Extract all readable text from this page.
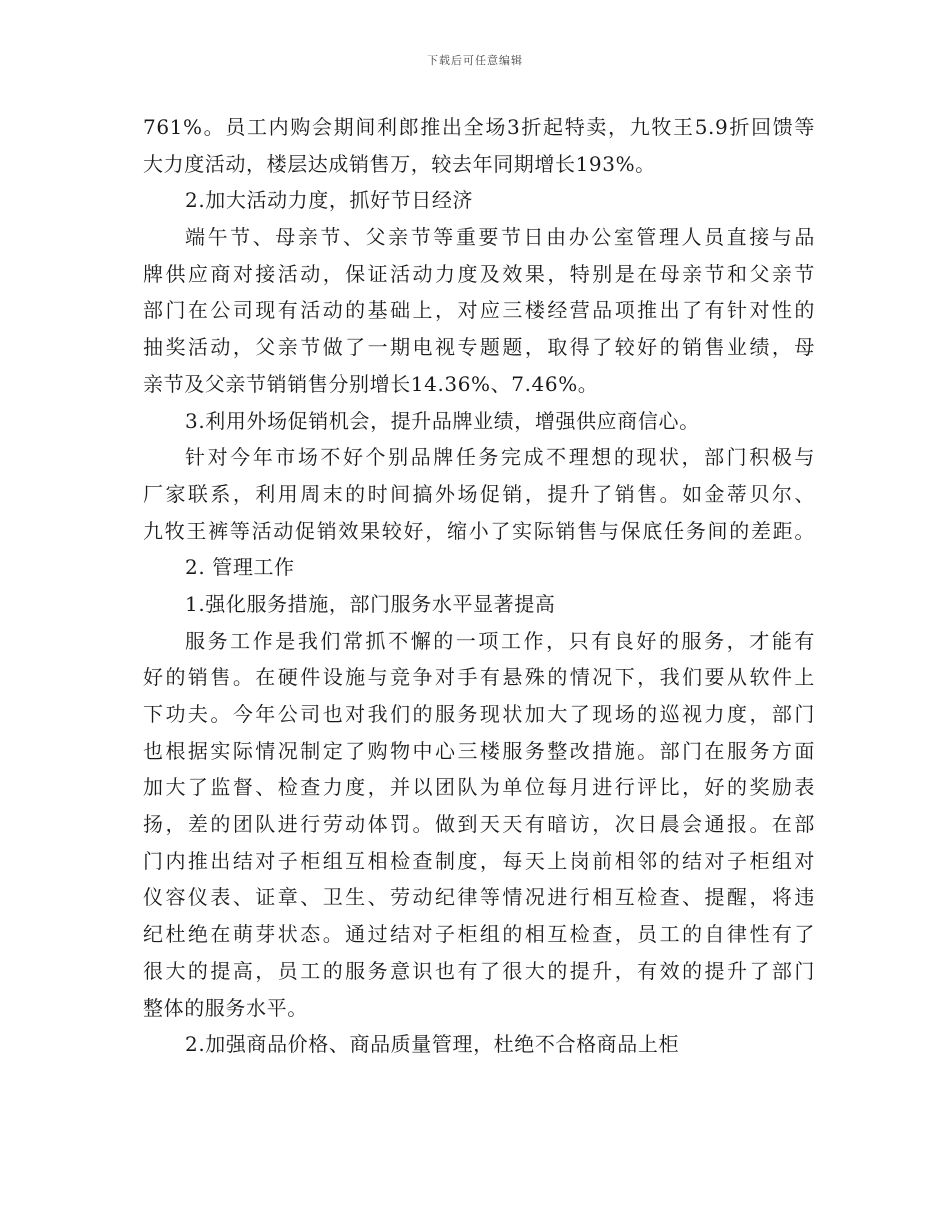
下载后可任意编辑
761%。员工内购会期间利郎推出全场3折起特卖，九牧王5.9折回馈等
大力度活动，楼层达成销售万，较去年同期增长193%。
2.加大活动力度，抓好节日经济
端午节、母亲节、父亲节等重要节日由办公室管理人员直接与品
牌供应商对接活动，保证活动力度及效果，特别是在母亲节和父亲节
部门在公司现有活动的基础上，对应三楼经营品项推出了有针对性的
抽奖活动，父亲节做了一期电视专题题，取得了较好的销售业绩，母
亲节及父亲节销销售分别增长14.36%、7.46%。
3.利用外场促销机会，提升品牌业绩，增强供应商信心。
针对今年市场不好个别品牌任务完成不理想的现状，部门积极与
厂家联系，利用周末的时间搞外场促销，提升了销售。如金蒂贝尔、
九牧王裤等活动促销效果较好，缩小了实际销售与保底任务间的差距。
2. 管理工作
1.强化服务措施，部门服务水平显著提高
服务工作是我们常抓不懈的一项工作，只有良好的服务，才能有
好的销售。在硬件设施与竞争对手有悬殊的情况下，我们要从软件上
下功夫。今年公司也对我们的服务现状加大了现场的巡视力度，部门
也根据实际情况制定了购物中心三楼服务整改措施。部门在服务方面
加大了监督、检查力度，并以团队为单位每月进行评比，好的奖励表
扬，差的团队进行劳动体罚。做到天天有暗访，次日晨会通报。在部
门内推出结对子柜组互相检查制度，每天上岗前相邻的结对子柜组对
仪容仪表、证章、卫生、劳动纪律等情况进行相互检查、提醒，将违
纪杜绝在萌芽状态。通过结对子柜组的相互检查，员工的自律性有了
很大的提高，员工的服务意识也有了很大的提升，有效的提升了部门
整体的服务水平。
2.加强商品价格、商品质量管理，杜绝不合格商品上柜
